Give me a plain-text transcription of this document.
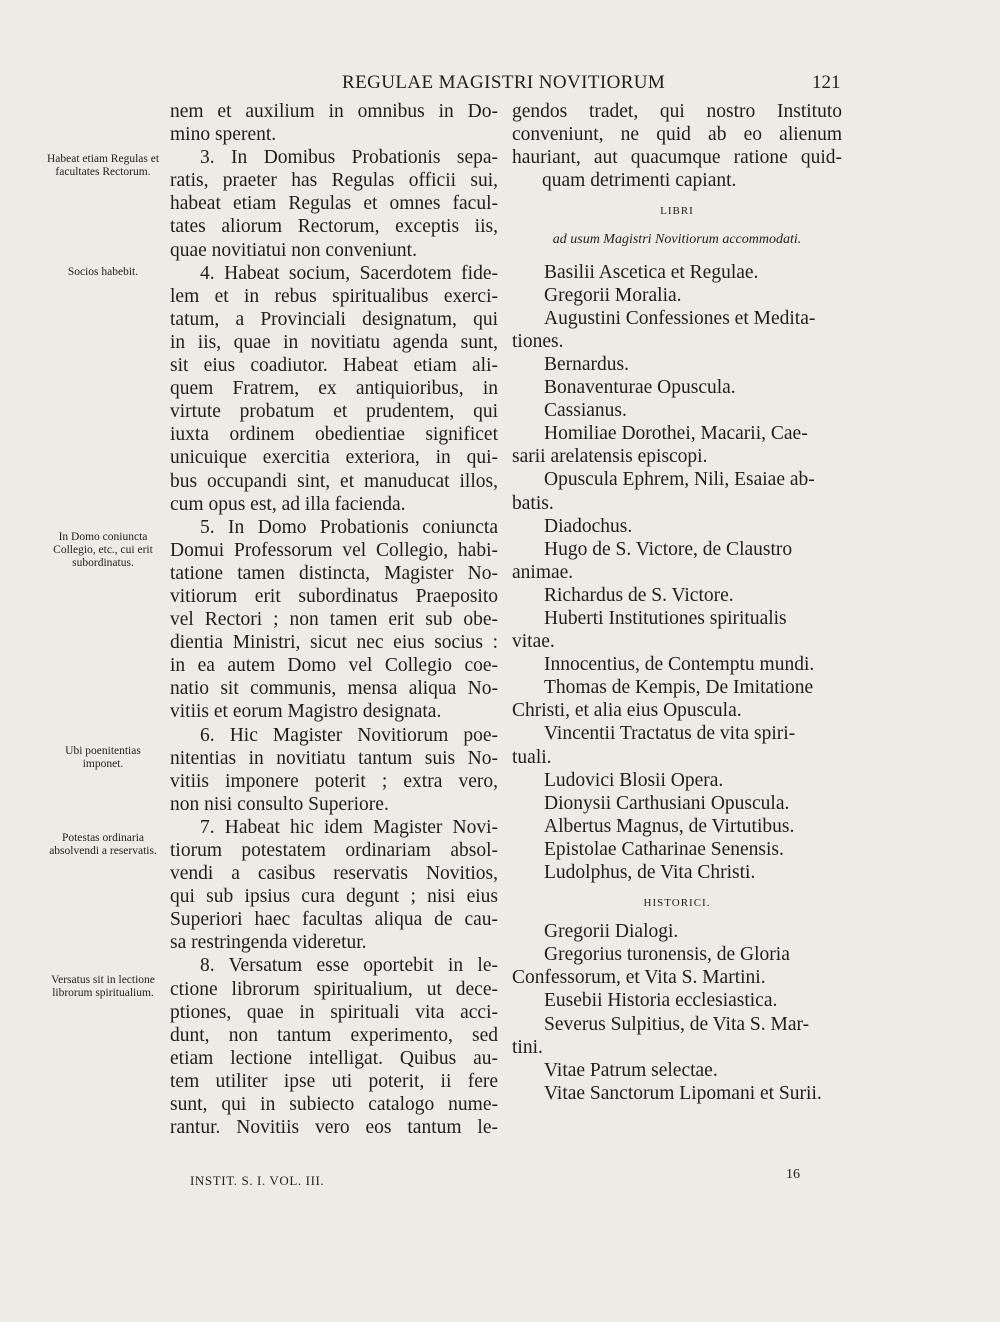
REGULAE MAGISTRI NOVITIORUM	121
Habeat etiam Regulas et facultates Rectorum.
Socios habebit.
In Domo coniuncta Collegio, etc., cui erit subordinatus.
Ubi poenitentias imponet.
Potestas ordinaria absolvendi a reservatis.
Versatus sit in lectione librorum spiritualium.
nem et auxilium in omnibus in Do-
mino sperent.
3. In Domibus Probationis sepa-
ratis, praeter has Regulas officii sui,
habeat etiam Regulas et omnes facul-
tates aliorum Rectorum, exceptis iis,
quae novitiatui non conveniunt.
4. Habeat socium, Sacerdotem fide-
lem et in rebus spiritualibus exerci-
tatum, a Provinciali designatum, qui
in iis, quae in novitiatu agenda sunt,
sit eius coadiutor. Habeat etiam ali-
quem Fratrem, ex antiquioribus, in
virtute probatum et prudentem, qui
iuxta ordinem obedientiae significet
unicuique exercitia exteriora, in qui-
bus occupandi sint, et manuducat illos,
cum opus est, ad illa facienda.
5. In Domo Probationis coniuncta
Domui Professorum vel Collegio, habi-
tatione tamen distincta, Magister No-
vitiorum erit subordinatus Praeposito
vel Rectori ; non tamen erit sub obe-
dientia Ministri, sicut nec eius socius :
in ea autem Domo vel Collegio coe-
natio sit communis, mensa aliqua No-
vitiis et eorum Magistro designata.
6. Hic Magister Novitiorum poe-
nitentias in novitiatu tantum suis No-
vitiis imponere poterit ; extra vero,
non nisi consulto Superiore.
7. Habeat hic idem Magister Novi-
tiorum potestatem ordinariam absol-
vendi a casibus reservatis Novitios,
qui sub ipsius cura degunt ; nisi eius
Superiori haec facultas aliqua de cau-
sa restringenda videretur.
8. Versatum esse oportebit in le-
ctione librorum spiritualium, ut dece-
ptiones, quae in spirituali vita acci-
dunt, non tantum experimento, sed
etiam lectione intelligat. Quibus au-
tem utiliter ipse uti poterit, ii fere
sunt, qui in subiecto catalogo nume-
rantur. Novitiis vero eos tantum le-
gendos tradet, qui nostro Instituto
conveniunt, ne quid ab eo alienum
hauriant, aut quacumque ratione quid-
quam detrimenti capiant.
LIBRI
ad usum Magistri Novitiorum accommodati.
Basilii Ascetica et Regulae.
Gregorii Moralia.
Augustini Confessiones et Medita-
tiones.
Bernardus.
Bonaventurae Opuscula.
Cassianus.
Homiliae Dorothei, Macarii, Cae-
sarii arelatensis episcopi.
Opuscula Ephrem, Nili, Esaiae ab-
batis.
Diadochus.
Hugo de S. Victore, de Claustro
animae.
Richardus de S. Victore.
Huberti Institutiones spiritualis
vitae.
Innocentius, de Contemptu mundi.
Thomas de Kempis, De Imitatione
Christi, et alia eius Opuscula.
Vincentii Tractatus de vita spiri-
tuali.
Ludovici Blosii Opera.
Dionysii Carthusiani Opuscula.
Albertus Magnus, de Virtutibus.
Epistolae Catharinae Senensis.
Ludolphus, de Vita Christi.
HISTORICI.
Gregorii Dialogi.
Gregorius turonensis, de Gloria
Confessorum, et Vita S. Martini.
Eusebii Historia ecclesiastica.
Severus Sulpitius, de Vita S. Mar-
tini.
Vitae Patrum selectae.
Vitae Sanctorum Lipomani et Surii.
INSTIT. S. I. VOL. III.	16
